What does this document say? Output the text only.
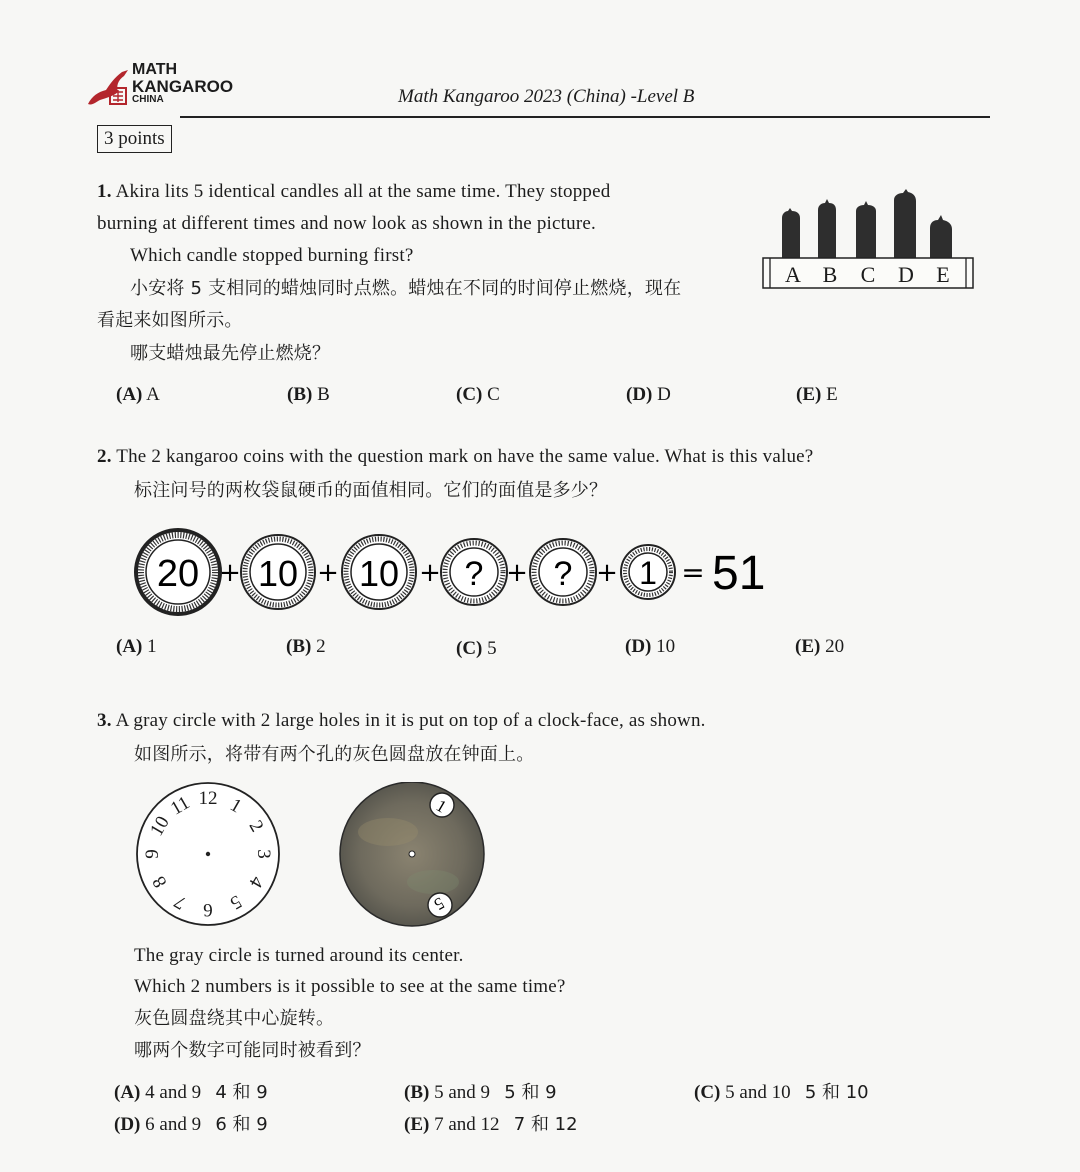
MATH
KANGAROO
CHINA	Math Kangaroo 2023 (China) -Level B
3 points
1. Akira lits 5 identical candles all at the same time. They stopped
burning at different times and now look as shown in the picture.
Which candle stopped burning first?
小安将 5 支相同的蜡烛同时点燃。蜡烛在不同的时间停止燃烧，现在
看起来如图所示。
哪支蜡烛最先停止燃烧？
A B C D E
(A) A	(B) B	(C) C	(D) D	(E) E
2. The 2 kangaroo coins with the question mark on have the same value. What is this value?
标注问号的两枚袋鼠硬币的面值相同。它们的面值是多少？
20 + 10 + 10 + ? + ? + 1 = 51
(A) 1	(B) 2	(C) 5	(D) 10	(E) 20
3. A gray circle with 2 large holes in it is put on top of a clock-face, as shown.
如图所示，将带有两个孔的灰色圆盘放在钟面上。
12 1
2
3
4
5
6
7
8
9
10
11	1
5
The gray circle is turned around its center.
Which 2 numbers is it possible to see at the same time?
灰色圆盘绕其中心旋转。
哪两个数字可能同时被看到？
(A) 4 and 9 4 和 9	(B) 5 and 9 5 和 9	(C) 5 and 10 5 和 10
(D) 6 and 9 6 和 9	(E) 7 and 12 7 和 12
